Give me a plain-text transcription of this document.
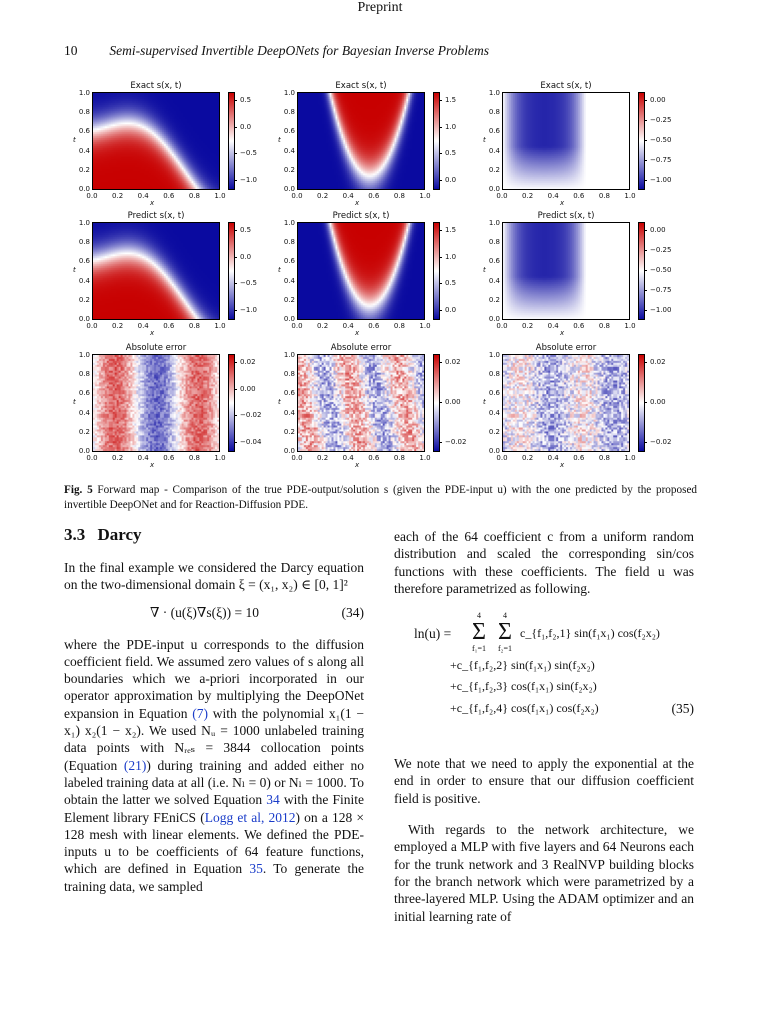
Preprint
10 Semi-supervised Invertible DeepONets for Bayesian Inverse Problems
Exact s(x, t)
0.5
0.0
−0.5
−1.0
1.0
0.8
0.6
0.4
0.2
0.0
0.0	0.2	0.4	0.6	0.8	1.0
t
x
Exact s(x, t)
1.5
1.0
0.5
0.0
1.0
0.8
0.6
0.4
0.2
0.0
0.0	0.2	0.4	0.6	0.8	1.0
t
x
Exact s(x, t)
0.00
−0.25
−0.50
−0.75
−1.00
1.0
0.8
0.6
0.4
0.2
0.0
0.0	0.2	0.4	0.6	0.8	1.0
t
x
Predict s(x, t)
0.5
0.0
−0.5
−1.0
1.0
0.8
0.6
0.4
0.2
0.0
0.0	0.2	0.4	0.6	0.8	1.0
t
x
Predict s(x, t)
1.5
1.0
0.5
0.0
1.0
0.8
0.6
0.4
0.2
0.0
0.0	0.2	0.4	0.6	0.8	1.0
t
x
Predict s(x, t)
0.00
−0.25
−0.50
−0.75
−1.00
1.0
0.8
0.6
0.4
0.2
0.0
0.0	0.2	0.4	0.6	0.8	1.0
t
x
Absolute error
0.02
0.00
−0.02
−0.04
1.0
0.8
0.6
0.4
0.2
0.0
0.0	0.2	0.4	0.6	0.8	1.0
t
x
Absolute error
0.02
0.00
−0.02
1.0
0.8
0.6
0.4
0.2
0.0
0.0	0.2	0.4	0.6	0.8	1.0
t
x
Absolute error
0.02
0.00
−0.02
1.0
0.8
0.6
0.4
0.2
0.0
0.0	0.2	0.4	0.6	0.8	1.0
t
x
Fig. 5 Forward map - Comparison of the true PDE-output/solution s (given the PDE-input u) with the one predicted by the proposed invertible DeepONet and for Reaction-Diffusion PDE.
3.3 Darcy

In the final example we considered the Darcy equation on the two-dimensional domain ξ = (x₁, x₂) ∈ [0, 1]²

∇ · (u(ξ)∇s(ξ)) = 10	(34)

where the PDE-input u corresponds to the diffusion coefficient field. We assumed zero values of s along all boundaries which we a-priori incorporated in our operator approximation by multiplying the DeepONet expansion in Equation (7) with the polynomial x₁(1 − x₁) x₂(1 − x₂). We used Nᵤ = 1000 unlabeled training data points with Nᵣₑₛ = 3844 collocation points (Equation (21)) during training and added either no labeled training data at all (i.e. Nₗ = 0) or Nₗ = 1000. To obtain the latter we solved Equation 34 with the Finite Element library FEniCS (Logg et al, 2012) on a 128 × 128 mesh with linear elements. We defined the PDE-inputs u to be coefficients of 64 feature functions, which are defined in Equation 35. To generate the training data, we sampled

each of the 64 coefficient c from a uniform random distribution and scaled the corresponding sin/cos functions with these coefficients. The field u was therefore parametrized as following.

ln(u) =
4
Σ
f₁=1
4
Σ
f₂=1
c_{f₁,f₂,1} sin(f₁x₁) cos(f₂x₂)
+c_{f₁,f₂,2} sin(f₁x₁) sin(f₂x₂)
+c_{f₁,f₂,3} cos(f₁x₁) sin(f₂x₂)
+c_{f₁,f₂,4} cos(f₁x₁) cos(f₂x₂)	(35)

We note that we need to apply the exponential at the end in order to ensure that our diffusion coefficient field is positive.

With regards to the network architecture, we employed a MLP with five layers and 64 Neurons each for the trunk network and 3 RealNVP building blocks for the branch network which were parametrized by a three-layered MLP. Using the ADAM optimizer and an initial learning rate of
